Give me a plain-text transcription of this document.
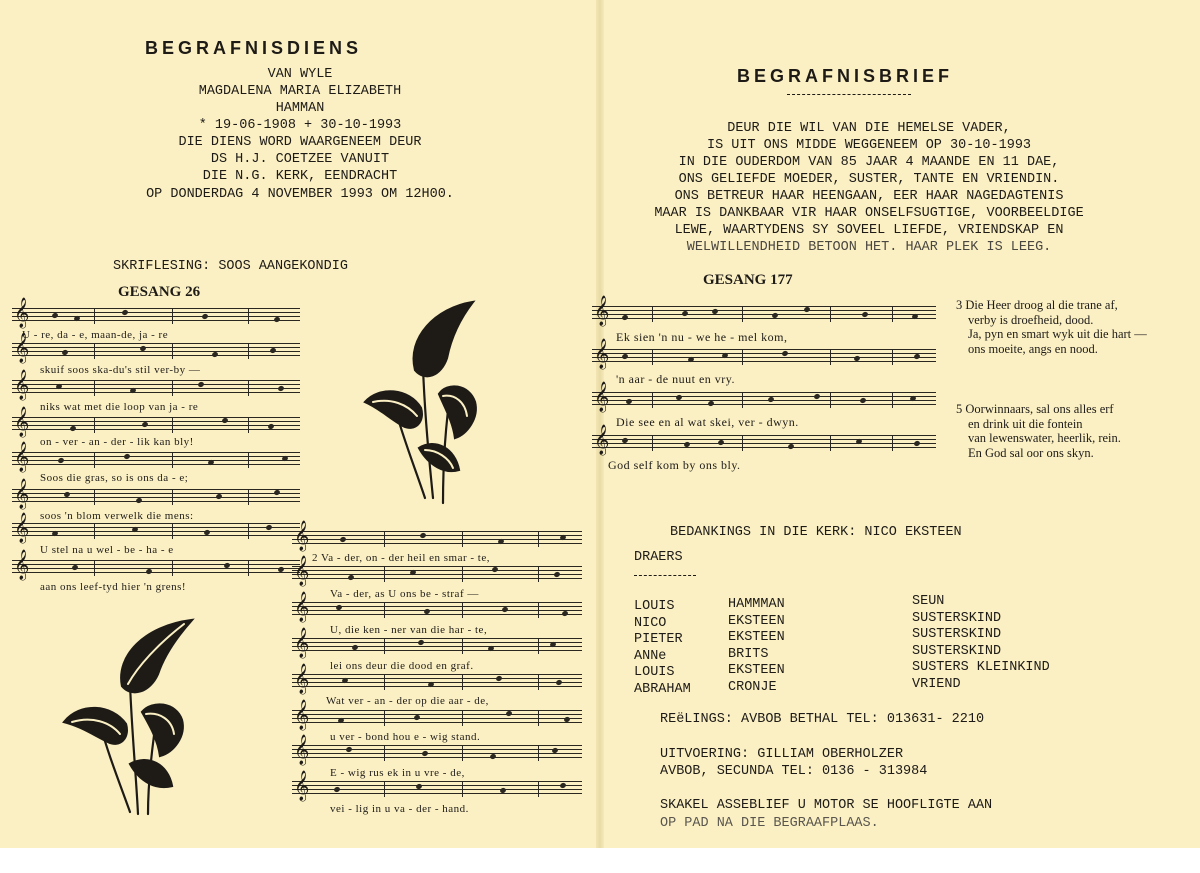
BEGRAFNISDIENS
VAN WYLE
MAGDALENA MARIA ELIZABETH
HAMMAN
* 19-06-1908 + 30-10-1993
DIE DIENS WORD WAARGENEEM DEUR
DS H.J. COETZEE VANUIT
DIE N.G. KERK, EENDRACHT
OP DONDERDAG 4 NOVEMBER 1993 OM 12H00.
SKRIFLESING: SOOS AANGEKONDIG
GESANG 26
𝄞
U - re, da - e, maan-de, ja - re
𝄞
skuif soos ska-du's stil ver-by —
𝄞
niks wat met die loop van ja - re
𝄞
on - ver - an - der - lik kan bly!
𝄞
Soos die gras, so is ons da - e;
𝄞
soos 'n blom verwelk die mens:
𝄞
U stel na u wel - be - ha - e
𝄞
aan ons leef-tyd hier 'n grens!
𝄞
2 Va - der, on - der heil en smar - te,
𝄞
Va - der, as U ons be - straf —
𝄞
U, die ken - ner van die har - te,
𝄞
lei ons deur die dood en graf.
𝄞
Wat ver - an - der op die aar - de,
𝄞
u ver - bond hou e - wig stand.
𝄞
E - wig rus ek in u vre - de,
𝄞
vei - lig in u va - der - hand.
BEGRAFNISBRIEF
DEUR DIE WIL VAN DIE HEMELSE VADER,
IS UIT ONS MIDDE WEGGENEEM OP 30-10-1993
IN DIE OUDERDOM VAN 85 JAAR 4 MAANDE EN 11 DAE,
ONS GELIEFDE MOEDER, SUSTER, TANTE EN VRIENDIN.
ONS BETREUR HAAR HEENGAAN, EER HAAR NAGEDAGTENIS
MAAR IS DANKBAAR VIR HAAR ONSELFSUGTIGE, VOORBEELDIGE
LEWE, WAARTYDENS SY SOVEEL LIEFDE, VRIENDSKAP EN
WELWILLENDHEID BETOON HET. HAAR PLEK IS LEEG.
GESANG 177
𝄞
Ek sien 'n nu - we he - mel kom,
𝄞
'n aar - de nuut en vry.
𝄞
Die see en al wat skei, ver - dwyn.
𝄞
God self kom by ons bly.
3 Die Heer droog al die trane af,
verby is droefheid, dood.
Ja, pyn en smart wyk uit die hart —
ons moeite, angs en nood.
5 Oorwinnaars, sal ons alles erf
en drink uit die fontein
van lewenswater, heerlik, rein.
En God sal oor ons skyn.
BEDANKINGS IN DIE KERK: NICO EKSTEEN
DRAERS
LOUIS
NICO
PIETER
ANNe
LOUIS
ABRAHAM
HAMMMAN
EKSTEEN
EKSTEEN
BRITS
EKSTEEN
CRONJE
SEUN
SUSTERSKIND
SUSTERSKIND
SUSTERSKIND
SUSTERS KLEINKIND
VRIEND
REëLINGS: AVBOB BETHAL TEL: 013631- 2210
UITVOERING: GILLIAM OBERHOLZER
AVBOB, SECUNDA TEL: 0136 - 313984
SKAKEL ASSEBLIEF U MOTOR SE HOOFLIGTE AAN
OP PAD NA DIE BEGRAAFPLAAS.
